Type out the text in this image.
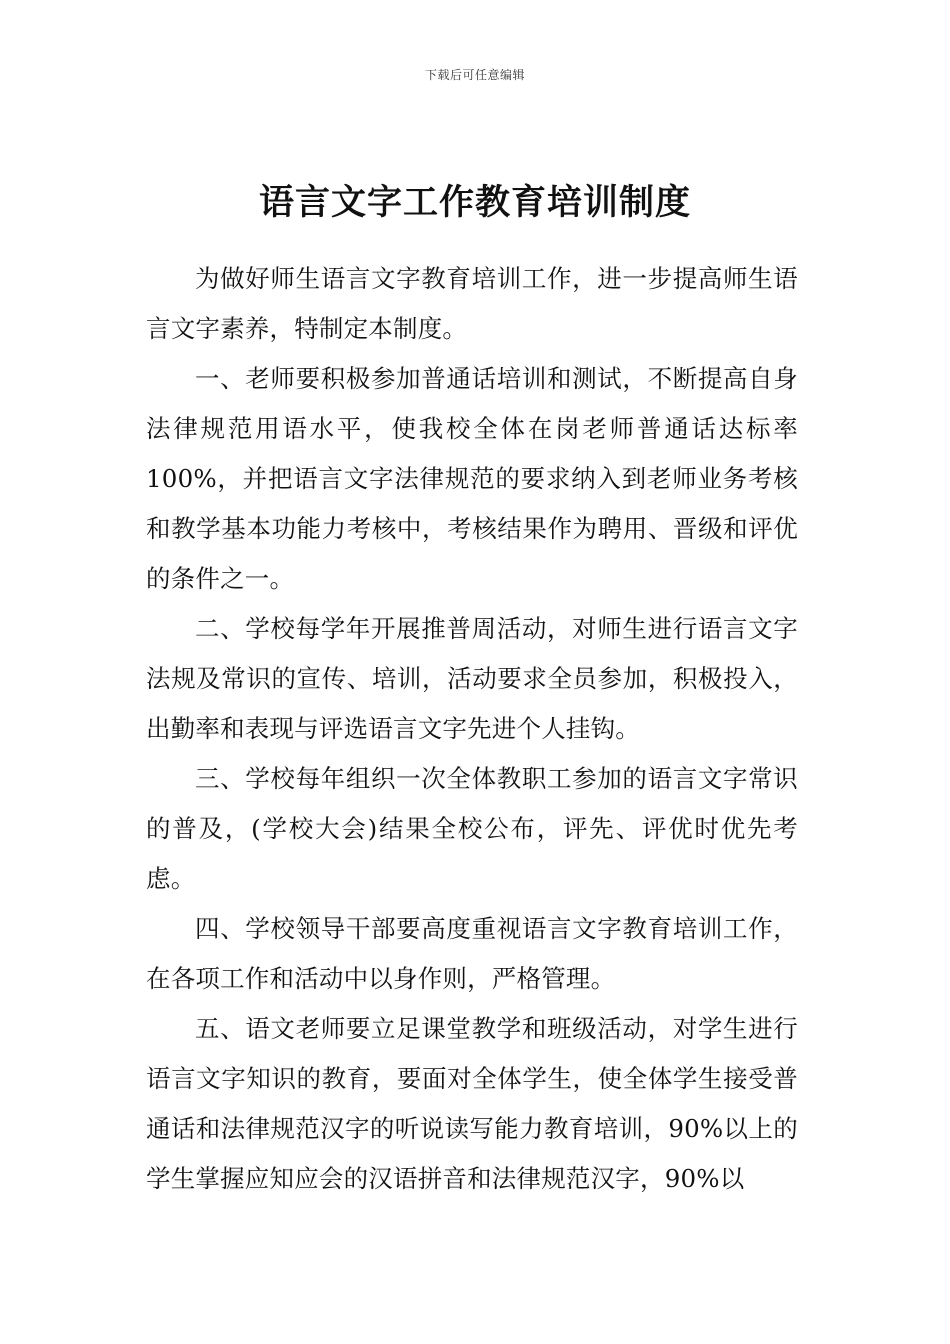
下载后可任意编辑
语言文字工作教育培训制度

为做好师生语言文字教育培训工作，进一步提高师生语言文字素养，特制定本制度。

一、老师要积极参加普通话培训和测试，不断提高自身法律规范用语水平，使我校全体在岗老师普通话达标率100%，并把语言文字法律规范的要求纳入到老师业务考核和教学基本功能力考核中，考核结果作为聘用、晋级和评优的条件之一。

二、学校每学年开展推普周活动，对师生进行语言文字法规及常识的宣传、培训，活动要求全员参加，积极投入，出勤率和表现与评选语言文字先进个人挂钩。

三、学校每年组织一次全体教职工参加的语言文字常识的普及，(学校大会)结果全校公布，评先、评优时优先考虑。

四、学校领导干部要高度重视语言文字教育培训工作，在各项工作和活动中以身作则，严格管理。

五、语文老师要立足课堂教学和班级活动，对学生进行语言文字知识的教育，要面对全体学生，使全体学生接受普通话和法律规范汉字的听说读写能力教育培训，90%以上的学生掌握应知应会的汉语拼音和法律规范汉字，90%以
